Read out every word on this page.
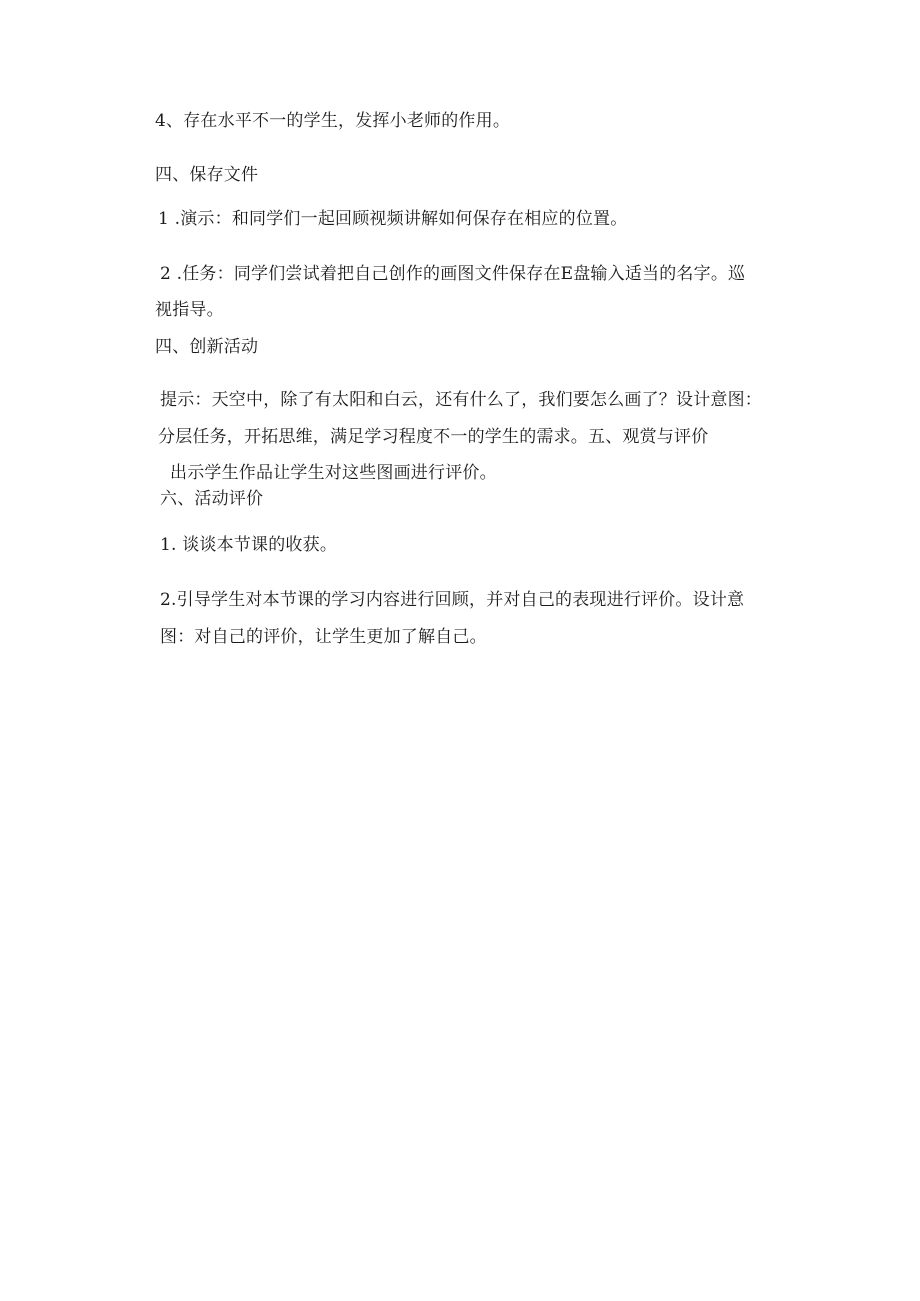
4、存在水平不一的学生，发挥小老师的作用。
四、保存文件
1 .演示：和同学们一起回顾视频讲解如何保存在相应的位置。
2 .任务：同学们尝试着把自己创作的画图文件保存在E盘输入适当的名字。巡
视指导。
四、创新活动
提示：天空中，除了有太阳和白云，还有什么了，我们要怎么画了？设计意图：
分层任务，开拓思维，满足学习程度不一的学生的需求。五、观赏与评价
出示学生作品让学生对这些图画进行评价。
六、活动评价
1. 谈谈本节课的收获。
2.引导学生对本节课的学习内容进行回顾，并对自己的表现进行评价。设计意
图：对自己的评价，让学生更加了解自己。
